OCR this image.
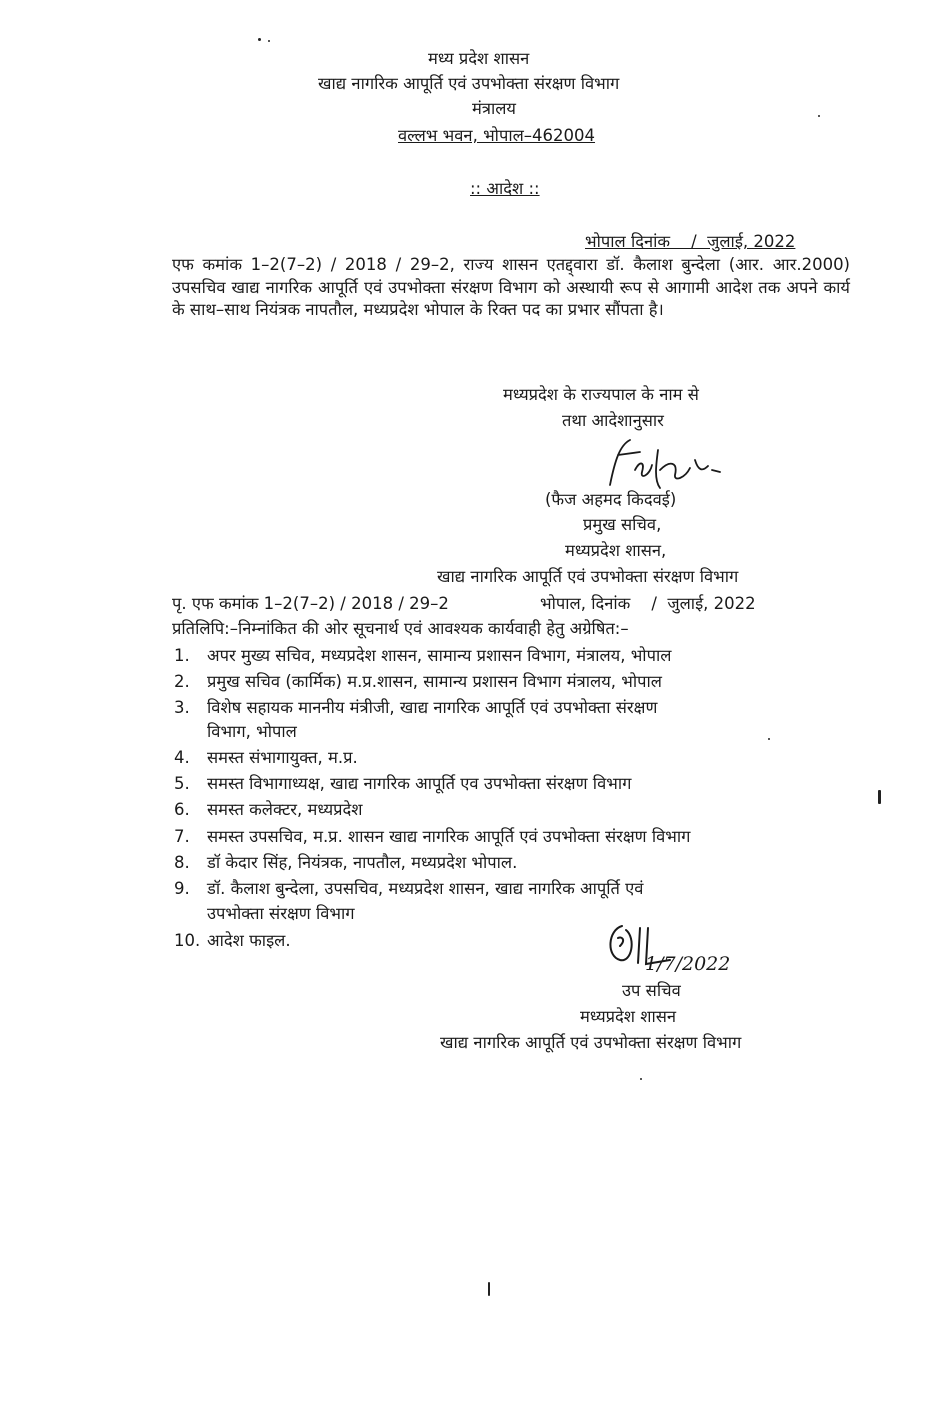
मध्य प्रदेश शासन
खाद्य नागरिक आपूर्ति एवं उपभोक्ता संरक्षण विभाग
मंत्रालय
वल्लभ भवन, भोपाल–462004
:: आदेश ::
भोपाल दिनांक    /  जुलाई, 2022
एफ कमांक 1–2(7–2) / 2018 / 29–2, राज्य शासन एतद्द्वारा डॉ. कैलाश बुन्देला (आर. आर.2000) उपसचिव खाद्य नागरिक आपूर्ति एवं उपभोक्ता संरक्षण विभाग को अस्थायी रूप से आगामी आदेश तक अपने कार्य के साथ–साथ नियंत्रक नापतौल, मध्यप्रदेश भोपाल के रिक्त पद का प्रभार सौंपता है।
मध्यप्रदेश के राज्यपाल के नाम से
तथा आदेशानुसार
(फैज अहमद किदवई)
प्रमुख सचिव,
मध्यप्रदेश शासन,
खाद्य नागरिक आपूर्ति एवं उपभोक्ता संरक्षण विभाग
पृ. एफ कमांक 1–2(7–2) / 2018 / 29–2	भोपाल, दिनांक    /  जुलाई, 2022
प्रतिलिपि:–निम्नांकित की ओर सूचनार्थ एवं आवश्यक कार्यवाही हेतु अग्रेषित:–
1. अपर मुख्य सचिव, मध्यप्रदेश शासन, सामान्य प्रशासन विभाग, मंत्रालय, भोपाल
2. प्रमुख सचिव (कार्मिक) म.प्र.शासन, सामान्य प्रशासन विभाग मंत्रालय, भोपाल
3. विशेष सहायक माननीय मंत्रीजी, खाद्य नागरिक आपूर्ति एवं उपभोक्ता संरक्षण
विभाग, भोपाल
4. समस्त संभागायुक्त, म.प्र.
5. समस्त विभागाध्यक्ष, खाद्य नागरिक आपूर्ति एव उपभोक्ता संरक्षण विभाग
6. समस्त कलेक्टर, मध्यप्रदेश
7. समस्त उपसचिव, म.प्र. शासन खाद्य नागरिक आपूर्ति एवं उपभोक्ता संरक्षण विभाग
8. डॉ केदार सिंह, नियंत्रक, नापतौल, मध्यप्रदेश भोपाल.
9. डॉ. कैलाश बुन्देला, उपसचिव, मध्यप्रदेश शासन, खाद्य नागरिक आपूर्ति एवं
उपभोक्ता संरक्षण विभाग
10. आदेश फाइल.
1/7/2022
उप सचिव
मध्यप्रदेश शासन
खाद्य नागरिक आपूर्ति एवं उपभोक्ता संरक्षण विभाग
